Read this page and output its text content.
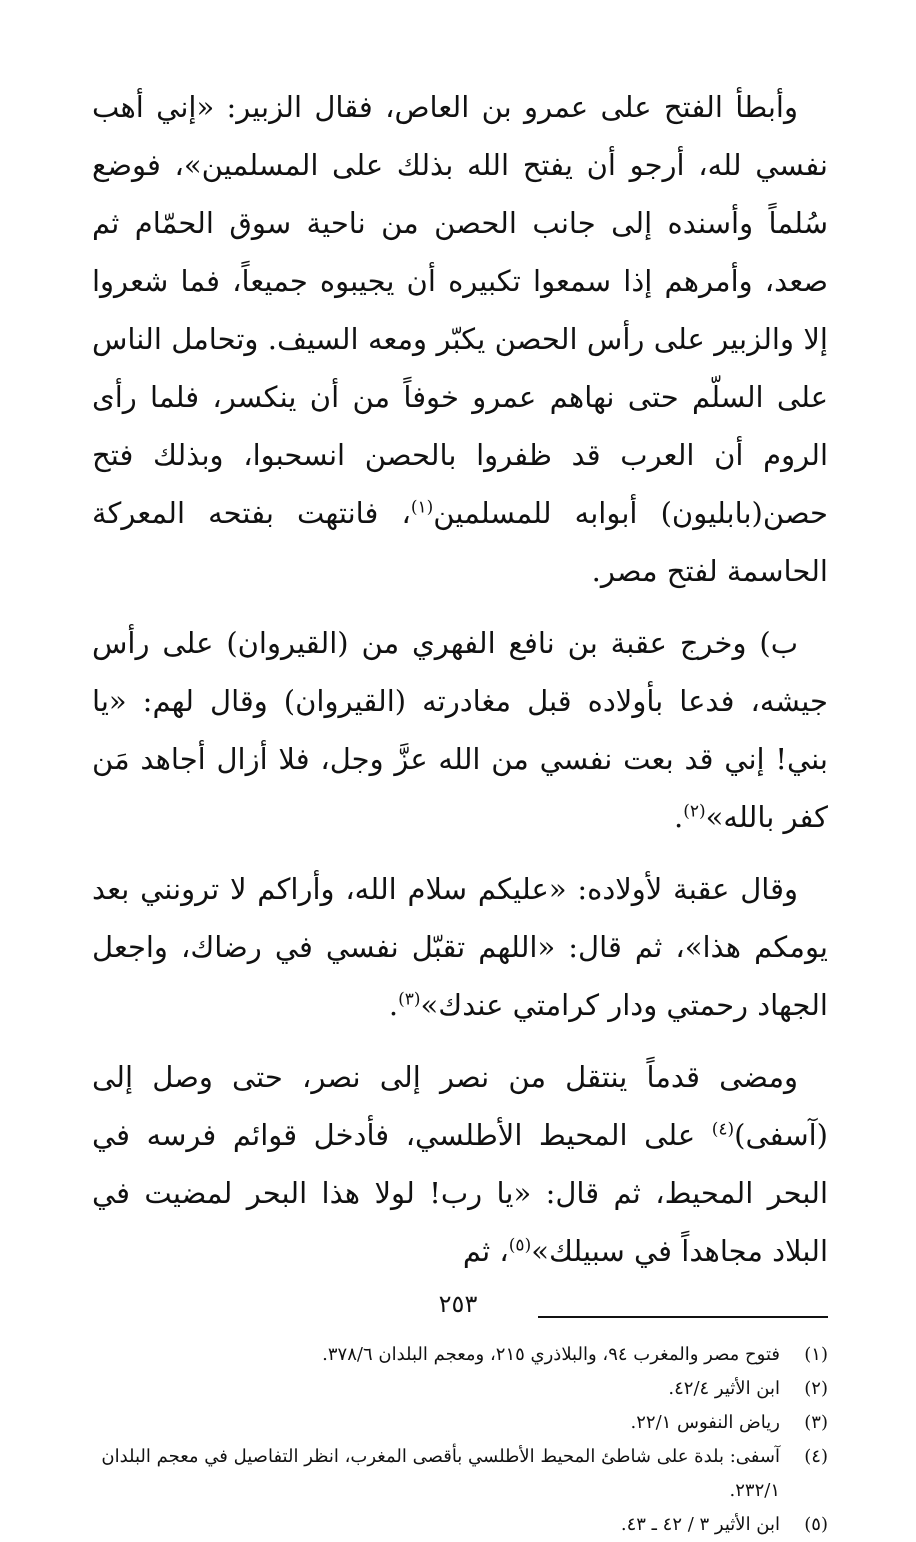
وأبطأ الفتح على عمرو بن العاص، فقال الزبير: «إني أهب نفسي لله، أرجو أن يفتح الله بذلك على المسلمين»، فوضع سُلماً وأسنده إلى جانب الحصن من ناحية سوق الحمّام ثم صعد، وأمرهم إذا سمعوا تكبيره أن يجيبوه جميعاً، فما شعروا إلا والزبير على رأس الحصن يكبّر ومعه السيف. وتحامل الناس على السلّم حتى نهاهم عمرو خوفاً من أن ينكسر، فلما رأى الروم أن العرب قد ظفروا بالحصن انسحبوا، وبذلك فتح حصن(بابليون) أبوابه للمسلمين$^{(١)}$، فانتهت بفتحه المعركة الحاسمة لفتح مصر.

ب) وخرج عقبة بن نافع الفهري من (القيروان) على رأس جيشه، فدعا بأولاده قبل مغادرته (القيروان) وقال لهم: «يا بني! إني قد بعت نفسي من الله عزَّ وجل، فلا أزال أجاهد مَن كفر بالله»$^{(٢)}$.

وقال عقبة لأولاده: «عليكم سلام الله، وأراكم لا ترونني بعد يومكم هذا»، ثم قال: «اللهم تقبّل نفسي في رضاك، واجعل الجهاد رحمتي ودار كرامتي عندك»$^{(٣)}$.

ومضى قدماً ينتقل من نصر إلى نصر، حتى وصل إلى (آسفى)$^{(٤)}$ على المحيط الأطلسي، فأدخل قوائم فرسه في البحر المحيط، ثم قال: «يا رب! لولا هذا البحر لمضيت في البلاد مجاهداً في سبيلك»$^{(٥)}$، ثم

(١)
فتوح مصر والمغرب ٩٤، والبلاذري ٢١٥، ومعجم البلدان ٣٧٨/٦.
(٢)
ابن الأثير ٤٢/٤.
(٣)
رياض النفوس ٢٢/١.
(٤)
آسفى: بلدة على شاطئ المحيط الأطلسي بأقصى المغرب، انظر التفاصيل في معجم البلدان ٢٣٢/١.
(٥)
ابن الأثير ٣ / ٤٢ ـ ٤٣.
٢٥٣
